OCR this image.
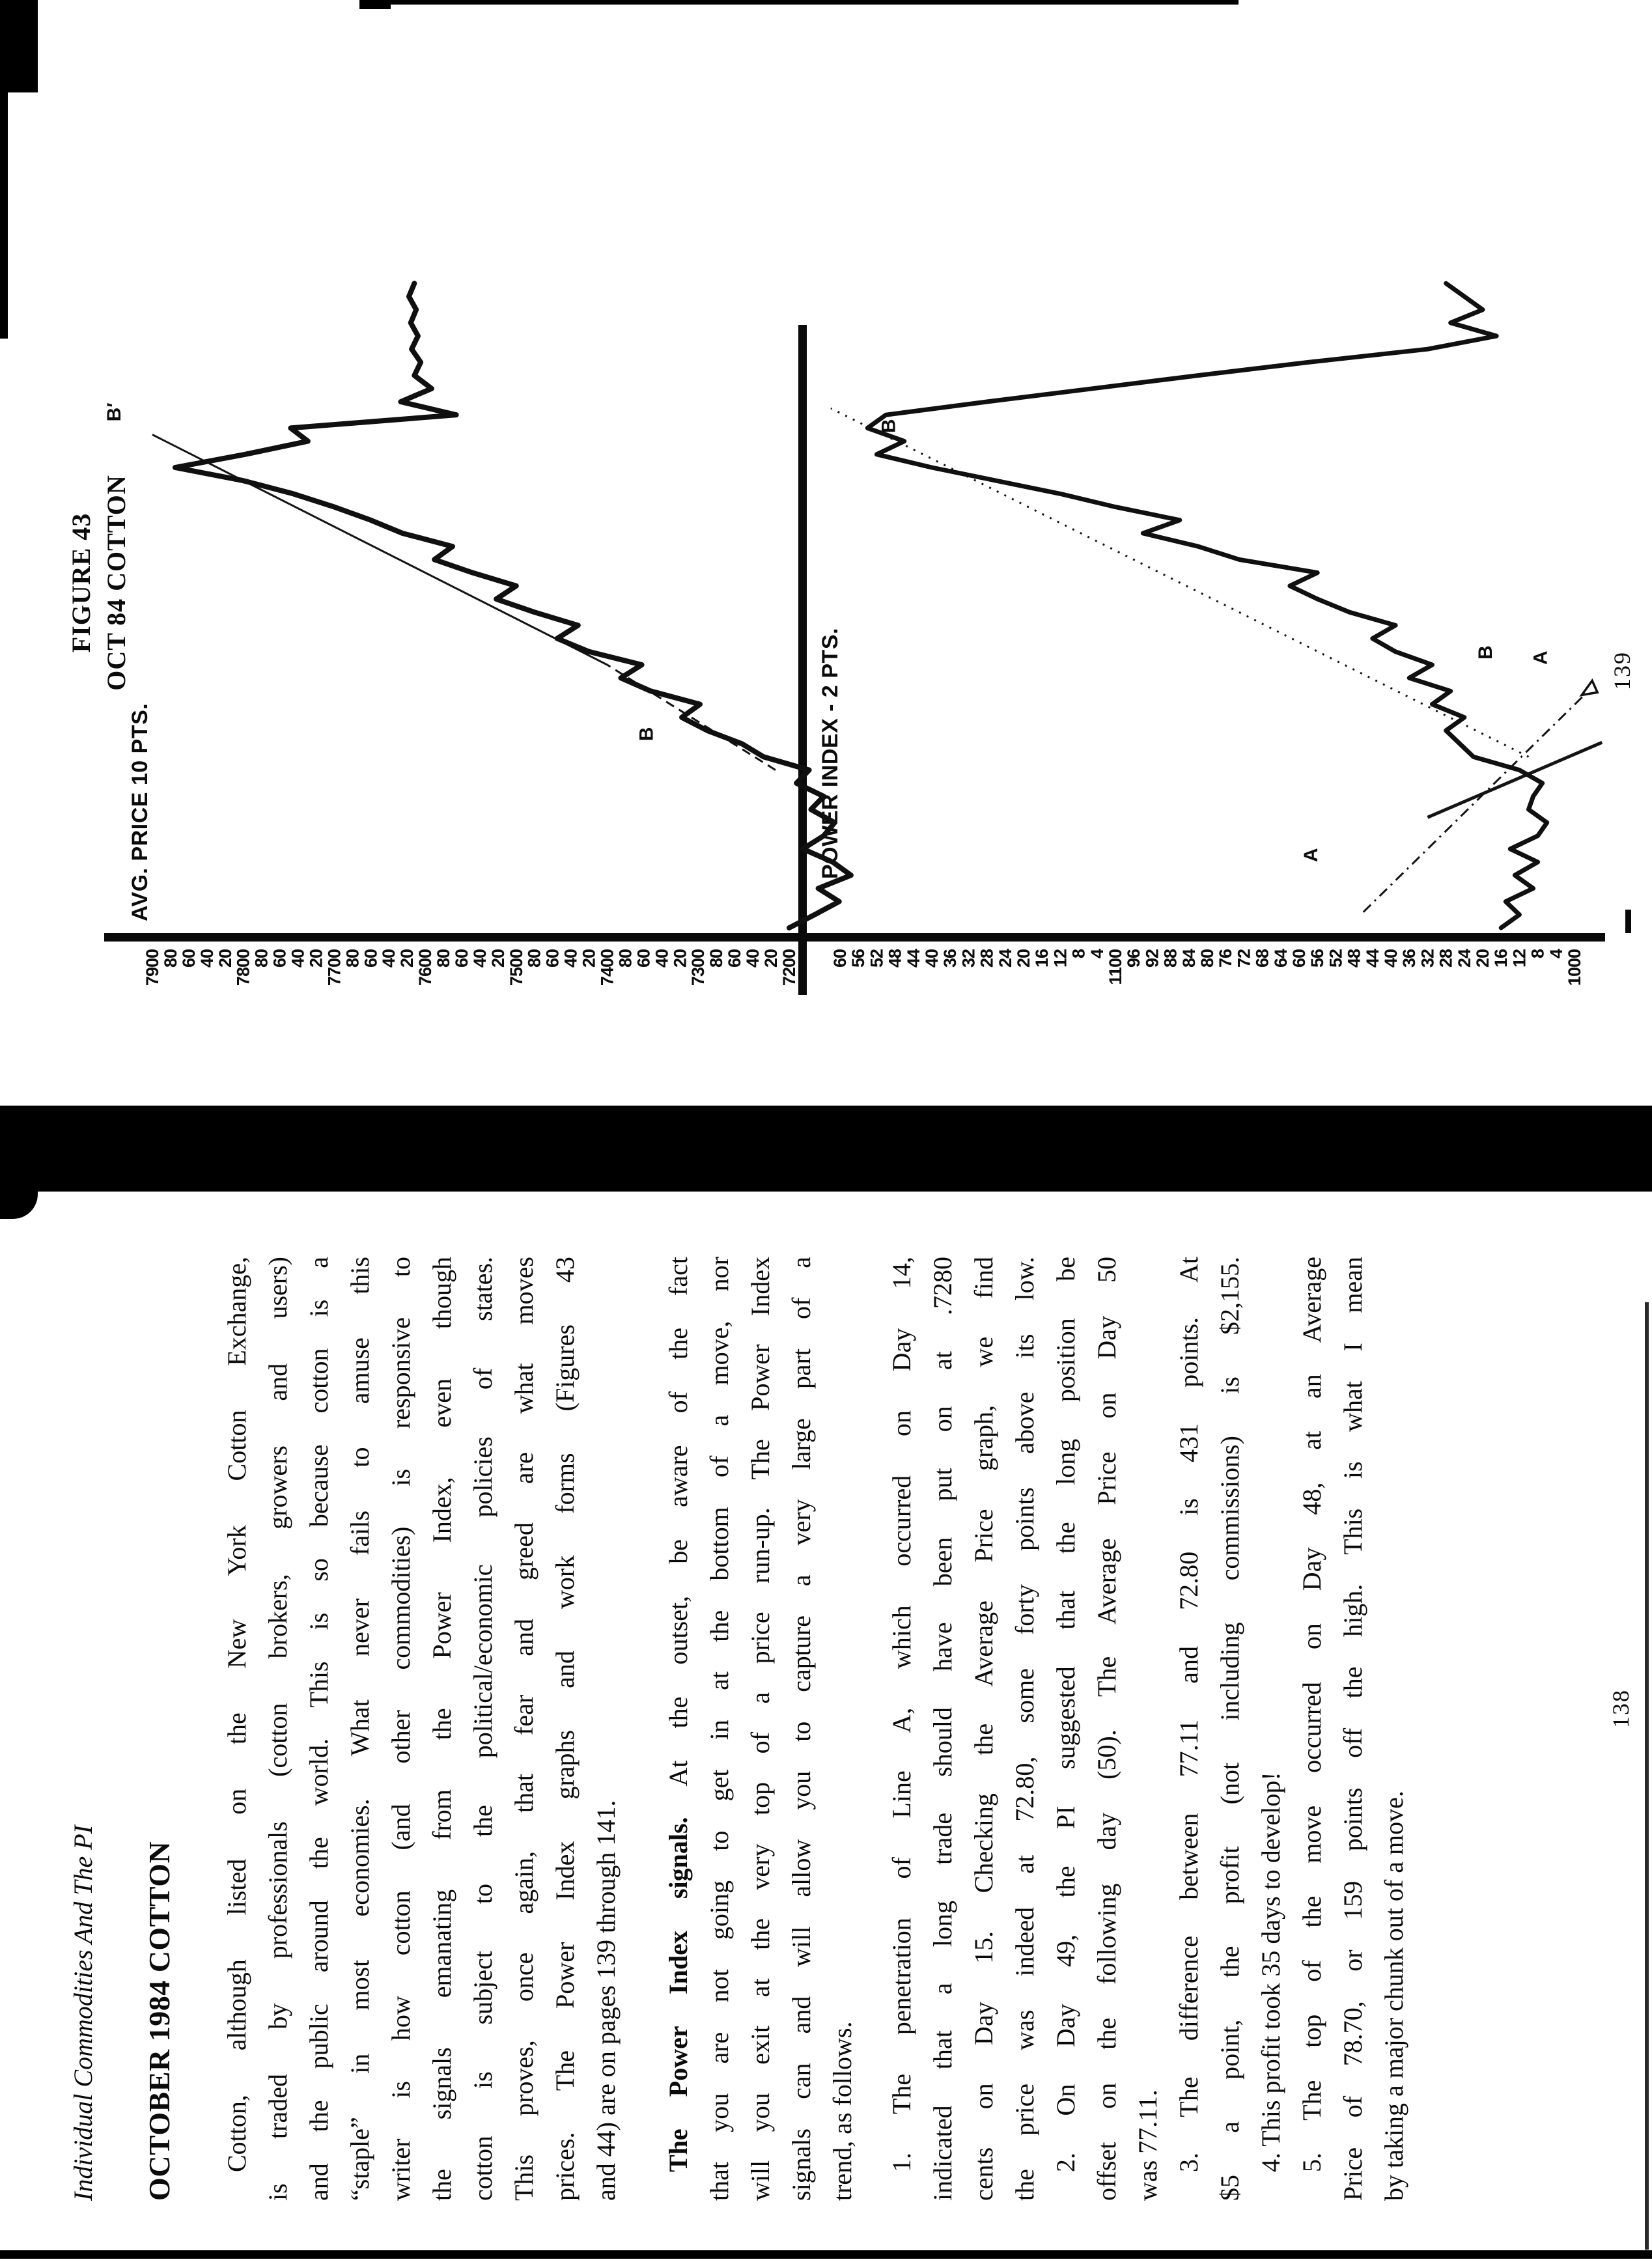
FIGURE 43 OCT 84 COTTON
AVG. PRICE 10 PTS.	POWER INDEX - 2 PTS.
7900
80
60
40
20
7800
80
60
40
20
7700
80
60
40
20
7600
80
60
40
20
7500
80
60
40
20
7400
80
60
40
20
7300
80
60
40
20
7200
B′
B
60
56
52
48
44
40
36
32
28
24
20
16
12
8
4
1100
96
92
88
84
80
76
72
68
64
60
56
52
48
44
40
36
32
28
24
20
16
12
8
4
1000
B
B
A
A 139
Individual Commodities And The PI OCTOBER 1984 COTTON Cotton, although listed on the New York Cotton Exchange, is traded by professionals (cotton brokers, growers and users) and the public around the world. This is so because cotton is a “staple” in most economies. What never fails to amuse this writer is how cotton (and other commodities) is responsive to the signals emanating from the Power Index, even though cotton is subject to the political/economic policies of states. This proves, once again, that fear and greed are what moves prices. The Power Index graphs and work forms (Figures 43 and 44) are on pages 139 through 141. The Power Index signals. At the outset, be aware of the fact that you are not going to get in at the bottom of a move, nor will you exit at the very top of a price run-up. The Power Index signals can and will allow you to capture a very large part of a trend, as follows. 1. The penetration of Line A, which occurred on Day 14, indicated that a long trade should have been put on at .7280 cents on Day 15. Checking the Average Price graph, we find the price was indeed at 72.80, some forty points above its low. 2. On Day 49, the PI suggested that the long position be offset on the following day (50). The Average Price on Day 50 was 77.11. 3. The difference between 77.11 and 72.80 is 431 points. At $5 a point, the profit (not including commissions) is $2,155. 4. This profit took 35 days to develop! 5. The top of the move occurred on Day 48, at an Average Price of 78.70, or 159 points off the high. This is what I mean by taking a major chunk out of a move.
138
